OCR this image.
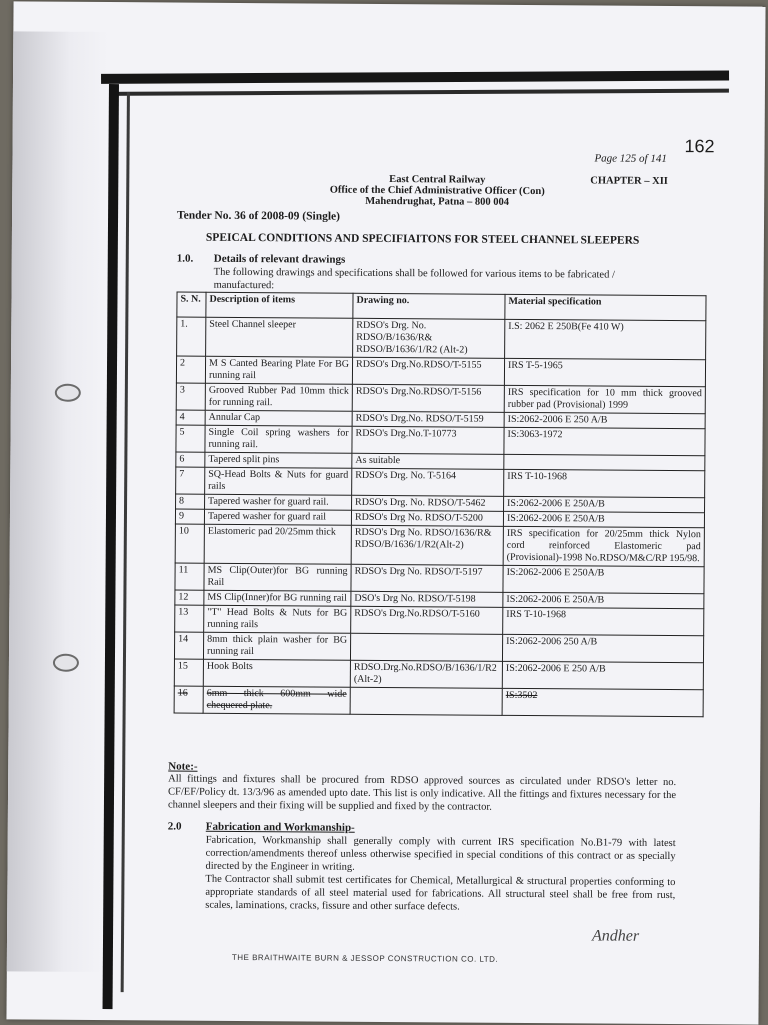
162
Page 125 of 141
East Central Railway
Office of the Chief Administrative Officer (Con)
Mahendrughat, Patna – 800 004
CHAPTER – XII
Tender No. 36 of 2008-09 (Single)
SPEICAL CONDITIONS AND SPECIFIAITONS FOR STEEL CHANNEL SLEEPERS
1.0. Details of relevant drawings
The following drawings and specifications shall be followed for various items to be fabricated / manufactured:
S. N.	Description of items	Drawing no.	Material specification
1.	Steel Channel sleeper	RDSO's Drg. No. RDSO/B/1636/R& RDSO/B/1636/1/R2 (Alt-2)	I.S: 2062 E 250B(Fe 410 W)
2	M S Canted Bearing Plate For BG running rail	RDSO's Drg.No.RDSO/T-5155	IRS T-5-1965
3	Grooved Rubber Pad 10mm thick for running rail.	RDSO's Drg.No.RDSO/T-5156	IRS specification for 10 mm thick grooved rubber pad (Provisional) 1999
4	Annular Cap	RDSO's Drg.No. RDSO/T-5159	IS:2062-2006 E 250 A/B
5	Single Coil spring washers for running rail.	RDSO's Drg.No.T-10773	IS:3063-1972
6	Tapered split pins	As suitable	
7	SQ-Head Bolts & Nuts for guard rails	RDSO's Drg. No. T-5164	IRS T-10-1968
8	Tapered washer for guard rail.	RDSO's Drg. No. RDSO/T-5462	IS:2062-2006 E 250A/B
9	Tapered washer for guard rail	RDSO's Drg No. RDSO/T-5200	IS:2062-2006 E 250A/B
10	Elastomeric pad 20/25mm thick	RDSO's Drg No. RDSO/1636/R& RDSO/B/1636/1/R2(Alt-2)	IRS specification for 20/25mm thick Nylon cord reinforced Elastomeric pad (Provisional)-1998 No.RDSO/M&C/RP 195/98.
11	MS Clip(Outer)for BG running Rail	RDSO's Drg No. RDSO/T-5197	IS:2062-2006 E 250A/B
12	MS Clip(Inner)for BG running rail	DSO's Drg No. RDSO/T-5198	IS:2062-2006 E 250A/B
13	"T" Head Bolts & Nuts for BG running rails	RDSO's Drg.No.RDSO/T-5160	IRS T-10-1968
14	8mm thick plain washer for BG running rail		IS:2062-2006 250 A/B
15	Hook Bolts	RDSO.Drg.No.RDSO/B/1636/1/R2 (Alt-2)	IS:2062-2006 E 250 A/B
16	6mm thick 600mm wide chequered plate.		IS:3502
Note:-
All fittings and fixtures shall be procured from RDSO approved sources as circulated under RDSO's letter no. CF/EF/Policy dt. 13/3/96 as amended upto date. This list is only indicative. All the fittings and fixtures necessary for the channel sleepers and their fixing will be supplied and fixed by the contractor.
2.0 Fabrication and Workmanship-
Fabrication, Workmanship shall generally comply with current IRS specification No.B1-79 with latest correction/amendments thereof unless otherwise specified in special conditions of this contract or as specially directed by the Engineer in writing.
The Contractor shall submit test certificates for Chemical, Metallurgical & structural properties conforming to appropriate standards of all steel material used for fabrications. All structural steel shall be free from rust, scales, laminations, cracks, fissure and other surface defects.
THE BRAITHWAITE BURN & JESSOP CONSTRUCTION CO. LTD.
Andher
